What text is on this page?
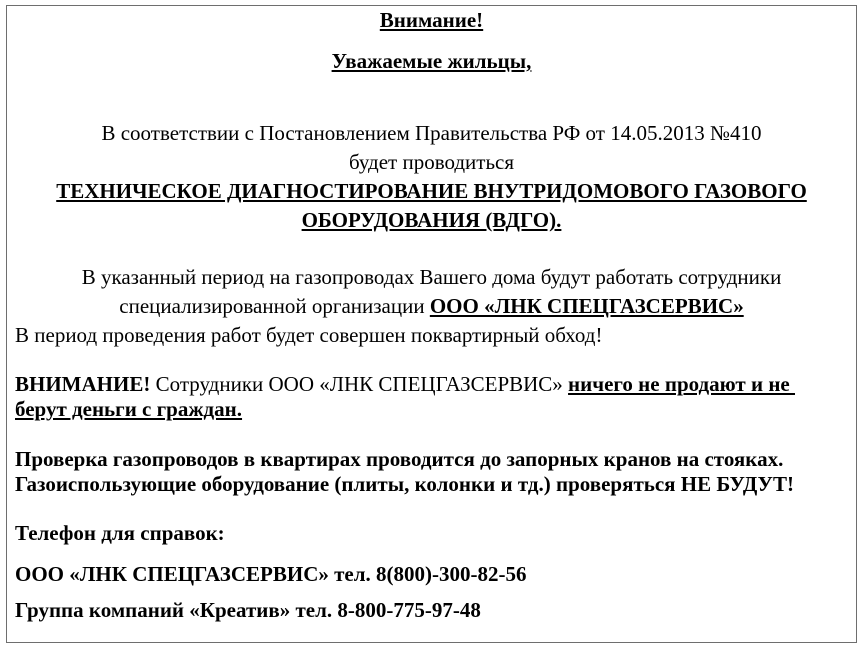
Внимание!
Уважаемые жильцы,
В соответствии с Постановлением Правительства РФ от 14.05.2013 №410
будет проводиться
ТЕХНИЧЕСКОЕ ДИАГНОСТИРОВАНИЕ ВНУТРИДОМОВОГО ГАЗОВОГО
ОБОРУДОВАНИЯ (ВДГО).
В указанный период на газопроводах Вашего дома будут работать сотрудники
специализированной организации ООО «ЛНК СПЕЦГАЗСЕРВИС»
В период проведения работ будет совершен поквартирный обход!
ВНИМАНИЕ! Сотрудники ООО «ЛНК СПЕЦГАЗСЕРВИС» ничего не продают и не
берут деньги с граждан.
Проверка газопроводов в квартирах проводится до запорных кранов на стояках.
Газоиспользующие оборудование (плиты, колонки и тд.) проверяться НЕ БУДУТ!
Телефон для справок:
ООО «ЛНК СПЕЦГАЗСЕРВИС» тел. 8(800)-300-82-56
Группа компаний «Креатив» тел. 8-800-775-97-48
